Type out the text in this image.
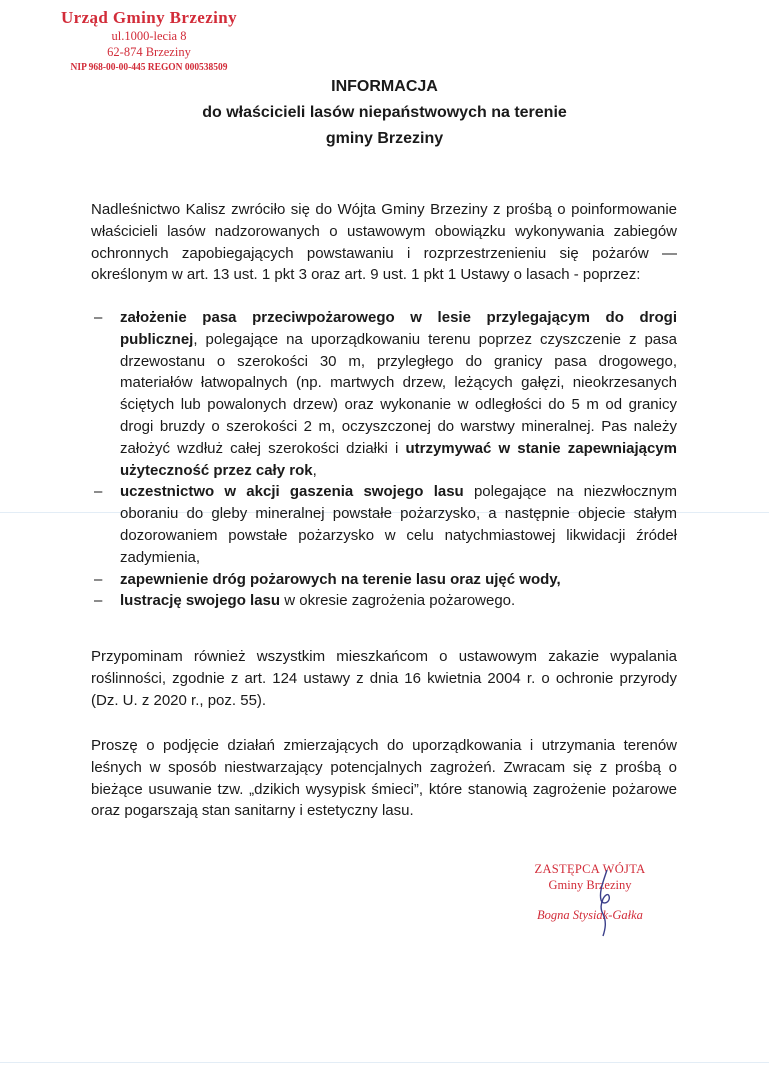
Urząd Gminy Brzeziny
ul.1000-lecia 8
62-874 Brzeziny
NIP 968-00-00-445 REGON 000538509
INFORMACJA
do właścicieli lasów niepaństwowych na terenie
gminy Brzeziny
Nadleśnictwo Kalisz zwróciło się do Wójta Gminy Brzeziny z prośbą o poinformowanie właścicieli lasów nadzorowanych o ustawowym obowiązku wykonywania zabiegów ochronnych zapobiegających powstawaniu i rozprzestrzenieniu się pożarów — określonym w art. 13 ust. 1 pkt 3 oraz art. 9 ust. 1 pkt 1 Ustawy o lasach - poprzez:
– założenie pasa przeciwpożarowego w lesie przylegającym do drogi publicznej, polegające na uporządkowaniu terenu poprzez czyszczenie z pasa drzewostanu o szerokości 30 m, przyległego do granicy pasa drogowego, materiałów łatwopalnych (np. martwych drzew, leżących gałęzi, nieokrzesanych ściętych lub powalonych drzew) oraz wykonanie w odległości do 5 m od granicy drogi bruzdy o szerokości 2 m, oczyszczonej do warstwy mineralnej. Pas należy założyć wzdłuż całej szerokości działki i utrzymywać w stanie zapewniającym użyteczność przez cały rok,
– uczestnictwo w akcji gaszenia swojego lasu polegające na niezwłocznym oboraniu do gleby mineralnej powstałe pożarzysko, a następnie objecie stałym dozorowaniem powstałe pożarzysko w celu natychmiastowej likwidacji źródeł zadymienia,
– zapewnienie dróg pożarowych na terenie lasu oraz ujęć wody,
– lustrację swojego lasu w okresie zagrożenia pożarowego.
Przypominam również wszystkim mieszkańcom o ustawowym zakazie wypalania roślinności, zgodnie z art. 124 ustawy z dnia 16 kwietnia 2004 r. o ochronie przyrody (Dz. U. z 2020 r., poz. 55).
Proszę o podjęcie działań zmierzających do uporządkowania i utrzymania terenów leśnych w sposób niestwarzający potencjalnych zagrożeń. Zwracam się z prośbą o bieżące usuwanie tzw. „dzikich wysypisk śmieci”, które stanowią zagrożenie pożarowe oraz pogarszają stan sanitarny i estetyczny lasu.
ZASTĘPCA WÓJTA
Gminy Brzeziny
Bogna Stysiak-Gałka
